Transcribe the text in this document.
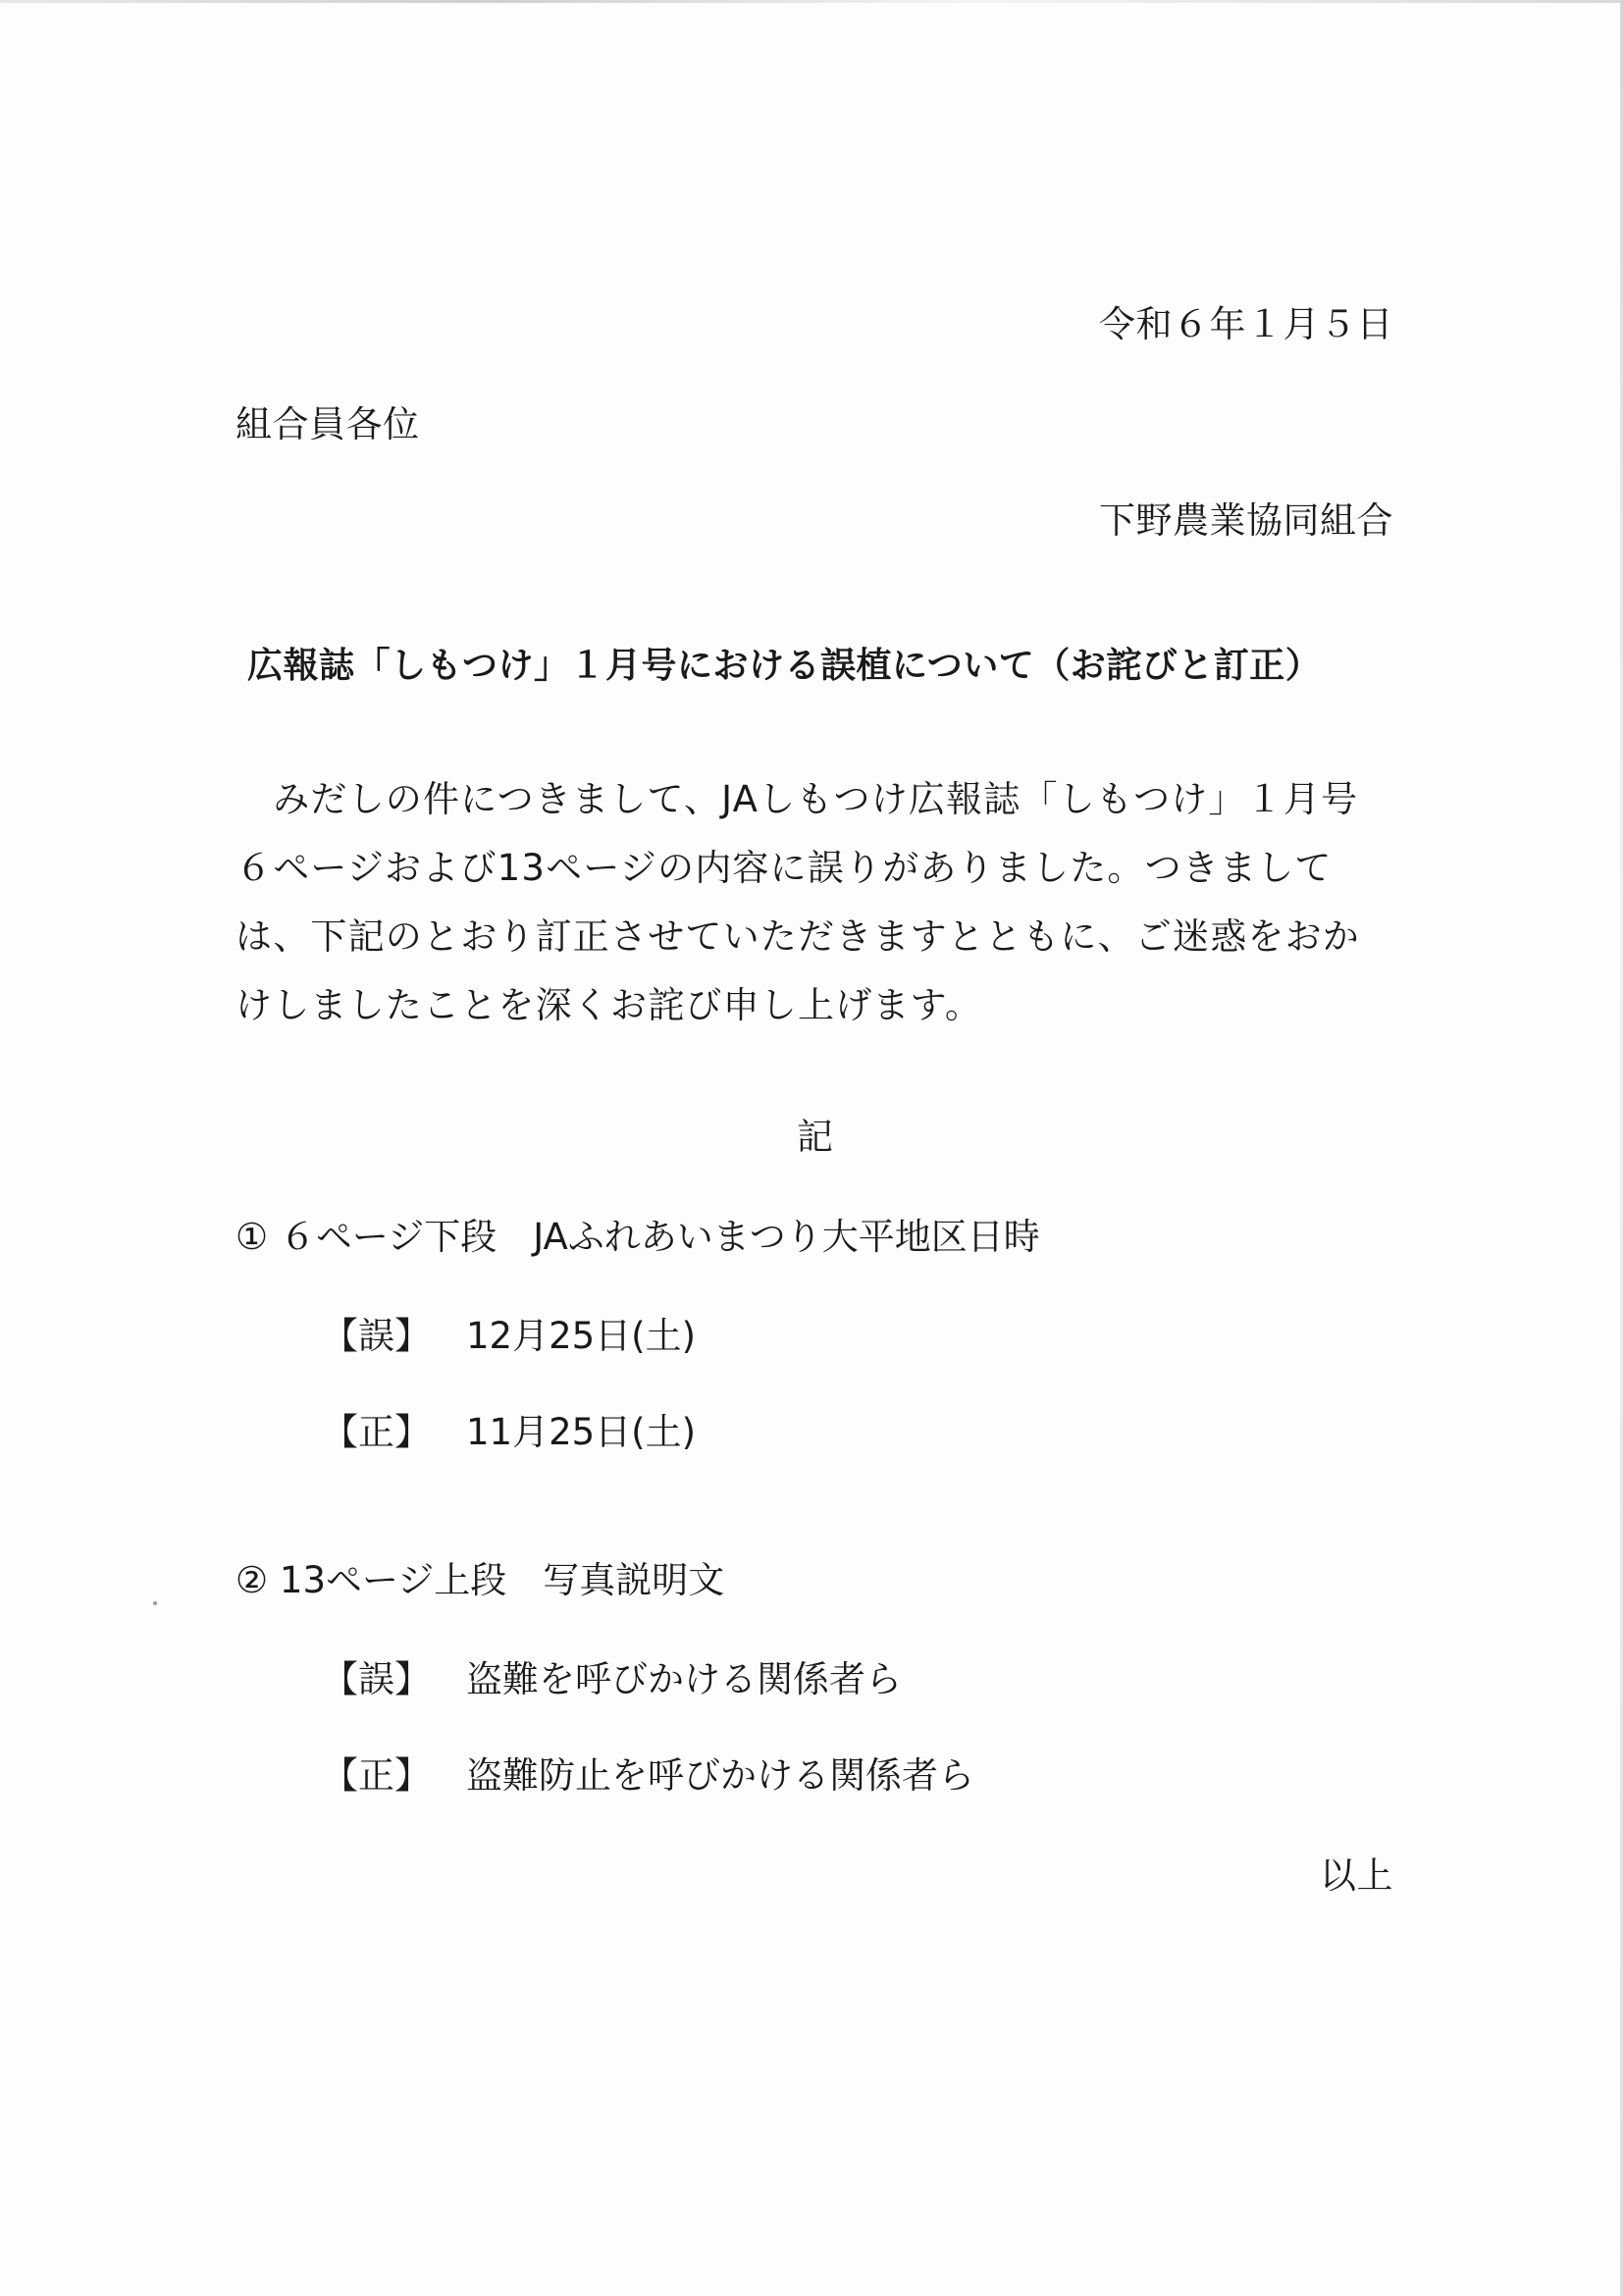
令和６年１月５日
組合員各位
下野農業協同組合
広報誌「しもつけ」１月号における誤植について（お詫びと訂正）
　みだしの件につきまして、JAしもつけ広報誌「しもつけ」１月号
６ページおよび13ページの内容に誤りがありました。つきまして
は、下記のとおり訂正させていただきますとともに、ご迷惑をおか
けしましたことを深くお詫び申し上げます。
記
① ６ページ下段　JAふれあいまつり大平地区日時
【誤】 12月25日(土)
【正】 11月25日(土)
② 13ページ上段　写真説明文
【誤】 盗難を呼びかける関係者ら
【正】 盗難防止を呼びかける関係者ら
以上
